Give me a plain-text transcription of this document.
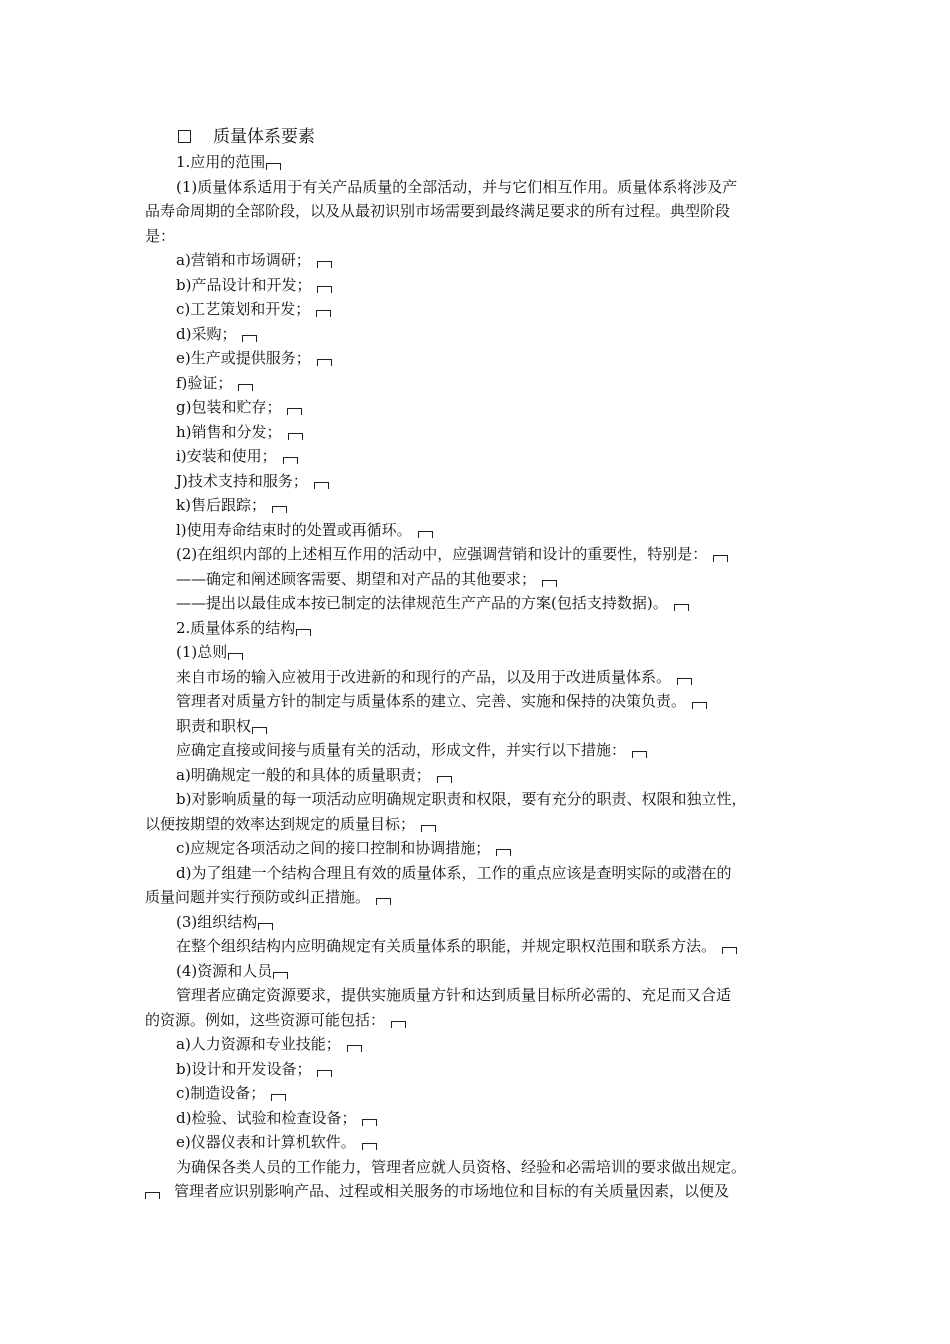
质量体系要素
1.应用的范围
(1)质量体系适用于有关产品质量的全部活动，并与它们相互作用。质量体系将涉及产
品寿命周期的全部阶段，以及从最初识别市场需要到最终满足要求的所有过程。典型阶段
是：
a)营销和市场调研；
b)产品设计和开发；
c)工艺策划和开发；
d)采购；
e)生产或提供服务；
f)验证；
g)包装和贮存；
h)销售和分发；
i)安装和使用；
J)技术支持和服务；
k)售后跟踪；
l)使用寿命结束时的处置或再循环。
(2)在组织内部的上述相互作用的活动中，应强调营销和设计的重要性，特别是：
——确定和阐述顾客需要、期望和对产品的其他要求；
——提出以最佳成本按已制定的法律规范生产产品的方案(包括支持数据)。
2.质量体系的结构
(1)总则
来自市场的输入应被用于改进新的和现行的产品，以及用于改进质量体系。
管理者对质量方针的制定与质量体系的建立、完善、实施和保持的决策负责。
职责和职权
应确定直接或间接与质量有关的活动，形成文件，并实行以下措施：
a)明确规定一般的和具体的质量职责；
b)对影响质量的每一项活动应明确规定职责和权限，要有充分的职责、权限和独立性，
以便按期望的效率达到规定的质量目标；
c)应规定各项活动之间的接口控制和协调措施；
d)为了组建一个结构合理且有效的质量体系，工作的重点应该是查明实际的或潜在的
质量问题并实行预防或纠正措施。
(3)组织结构
在整个组织结构内应明确规定有关质量体系的职能，并规定职权范围和联系方法。
(4)资源和人员
管理者应确定资源要求，提供实施质量方针和达到质量目标所必需的、充足而又合适
的资源。例如，这些资源可能包括：
a)人力资源和专业技能；
b)设计和开发设备；
c)制造设备；
d)检验、试验和检查设备；
e)仪器仪表和计算机软件。
为确保各类人员的工作能力，管理者应就人员资格、经验和必需培训的要求做出规定。
管理者应识别影响产品、过程或相关服务的市场地位和目标的有关质量因素，以便及
